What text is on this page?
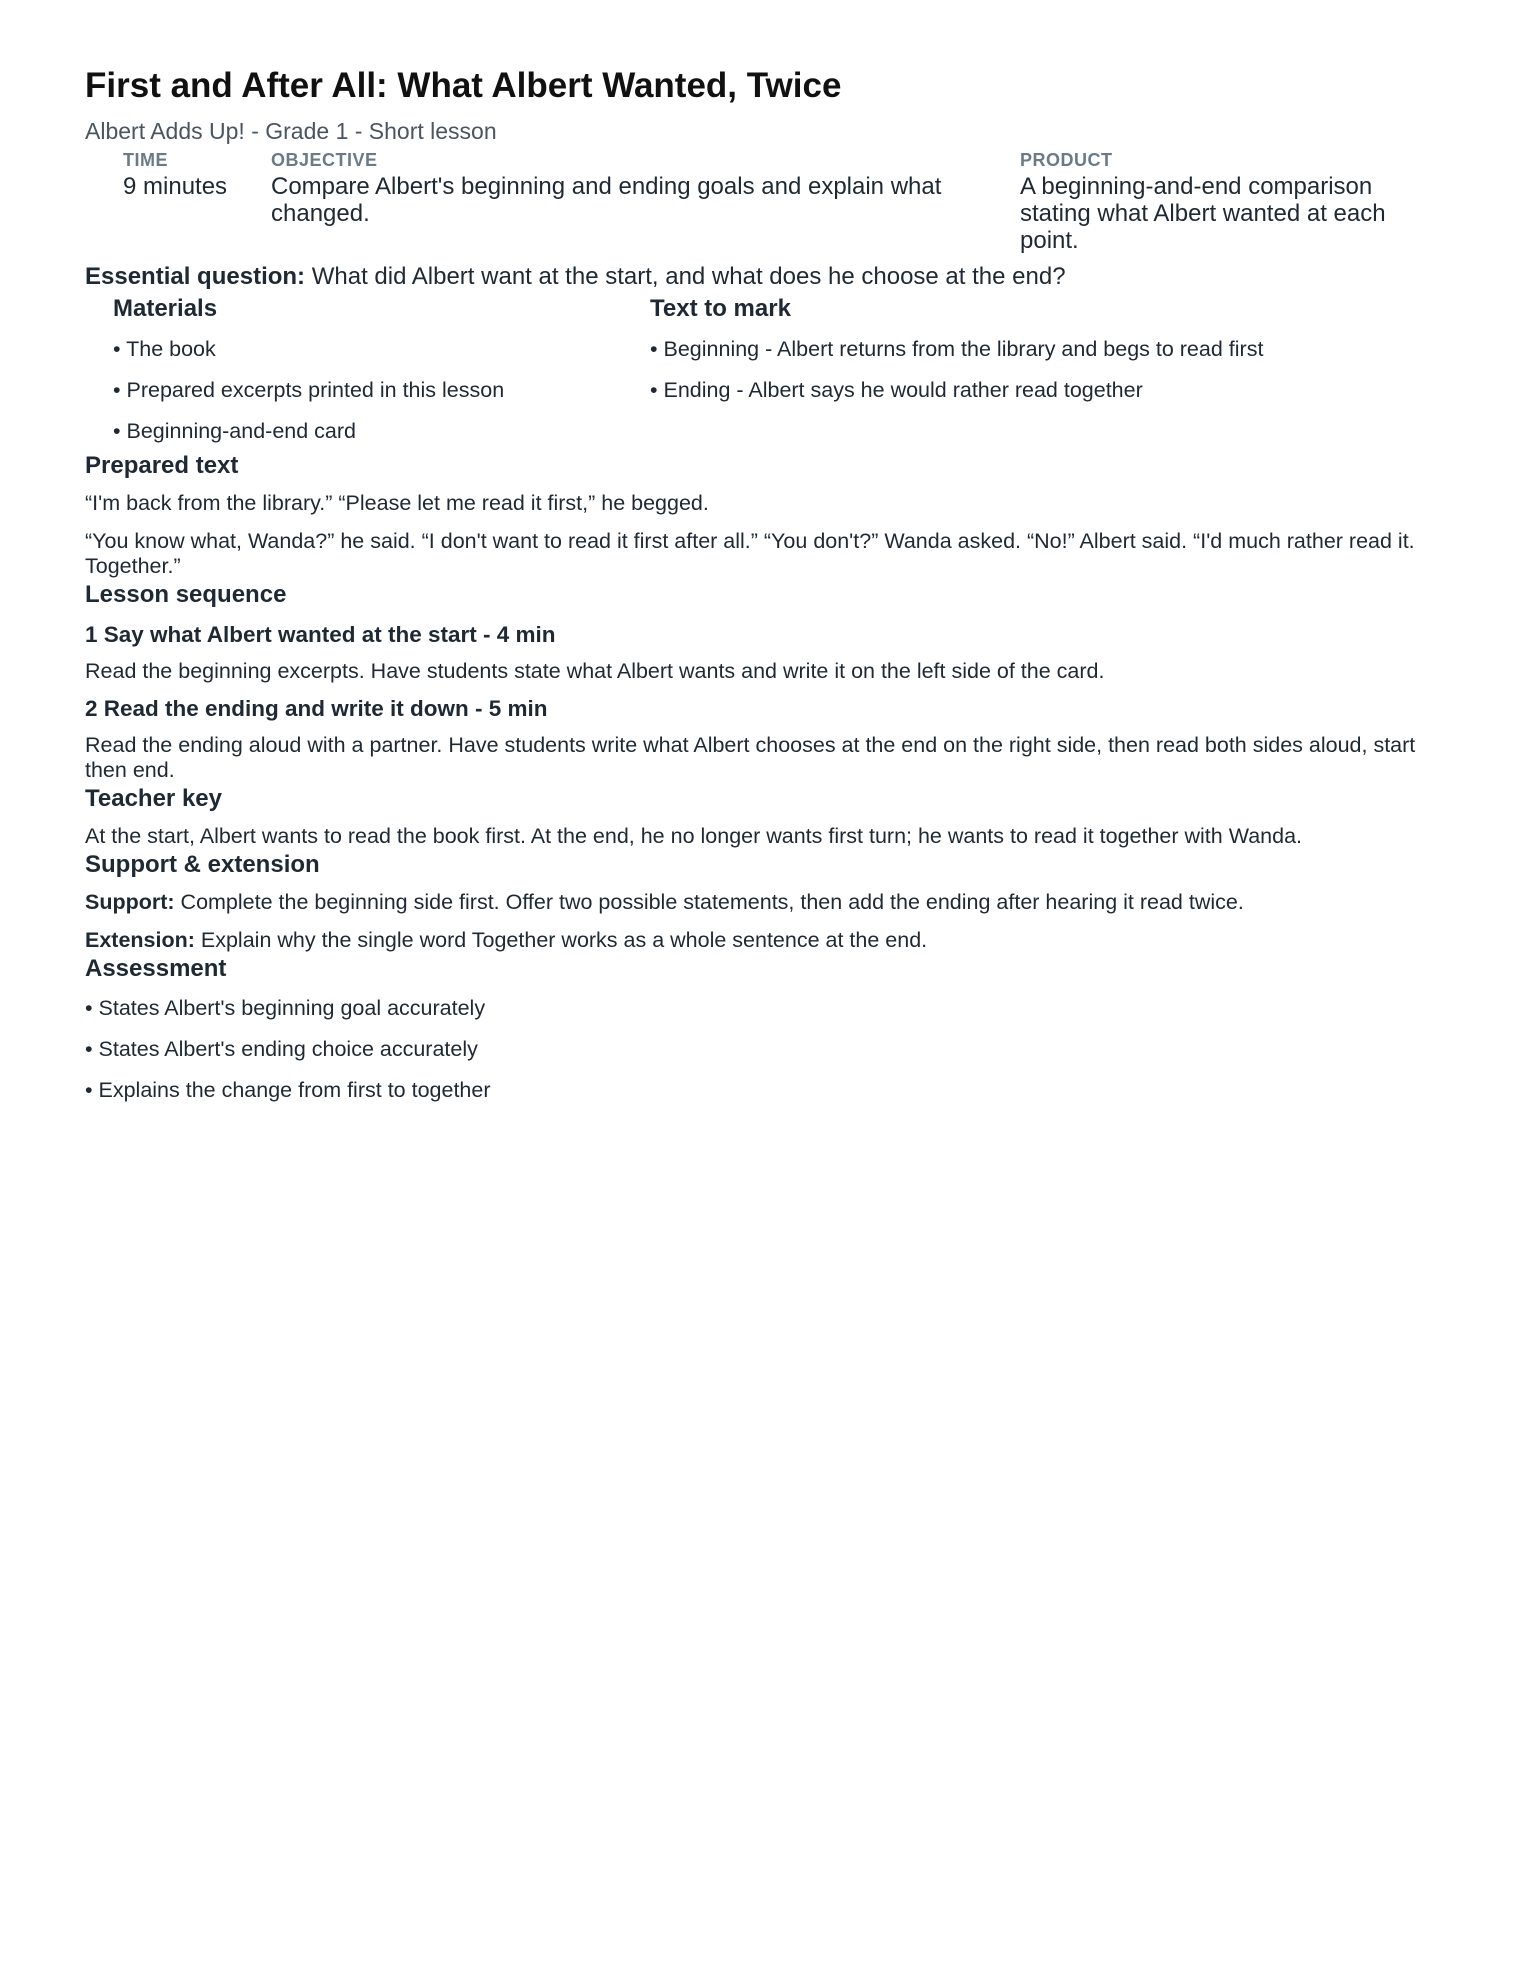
First and After All: What Albert Wanted, Twice
Albert Adds Up! - Grade 1 - Short lesson
TIME
9 minutes
OBJECTIVE
Compare Albert's beginning and ending goals and explain what changed.
PRODUCT
A beginning-and-end comparison stating what Albert wanted at each point.
Essential question: What did Albert want at the start, and what does he choose at the end?
Materials
• The book
• Prepared excerpts printed in this lesson
• Beginning-and-end card
Text to mark
• Beginning - Albert returns from the library and begs to read first
• Ending - Albert says he would rather read together
Prepared text
“I'm back from the library.” “Please let me read it first,” he begged.
“You know what, Wanda?” he said. “I don't want to read it first after all.” “You don't?” Wanda asked. “No!” Albert said. “I'd much rather read it. Together.”
Lesson sequence
1 Say what Albert wanted at the start - 4 min
Read the beginning excerpts. Have students state what Albert wants and write it on the left side of the card.
2 Read the ending and write it down - 5 min
Read the ending aloud with a partner. Have students write what Albert chooses at the end on the right side, then read both sides aloud, start then end.
Teacher key
At the start, Albert wants to read the book first. At the end, he no longer wants first turn; he wants to read it together with Wanda.
Support & extension
Support: Complete the beginning side first. Offer two possible statements, then add the ending after hearing it read twice.
Extension: Explain why the single word Together works as a whole sentence at the end.
Assessment
• States Albert's beginning goal accurately
• States Albert's ending choice accurately
• Explains the change from first to together
